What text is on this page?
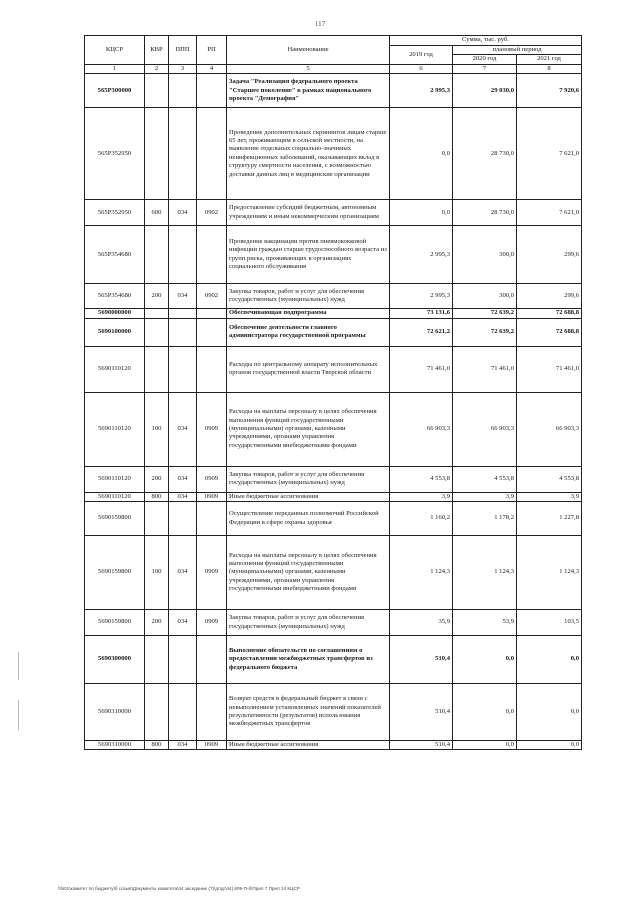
117
КЦСР	КВР	ППП	РП	Наименование	Сумма, тыс. руб.		
					2019 год	плановый период	
						2020 год	2021 год
1	2	3	4	5	6	7	8
565P300000				Задача "Реализация федерального проекта "Старшее поколение" в рамках национального проекта "Демография"	2 995,3	29 030,0	7 920,6
565P352950				Проведение дополнительных скринингов лицам старше 65 лет, проживающим в сельской местности, на выявление отдельных социально-значимых неинфекционных заболеваний, оказывающих вклад в структуру смертности населения, с возможностью доставки данных лиц в медицинские организации	0,0	28 730,0	7 621,0
565P352950	600	034	0902	Предоставление субсидий бюджетным, автономным учреждениям и иным некоммерческим организациям	0,0	28 730,0	7 621,0
565P354680				Проведение вакцинации против пневмококковой инфекции граждан старше трудоспособного возраста из групп риска, проживающих в организациях социального обслуживания	2 995,3	300,0	299,6
565P354680	200	034	0902	Закупка товаров, работ и услуг для обеспечения государственных (муниципальных) нужд	2 995,3	300,0	299,6
5690000000				Обеспечивающая подпрограмма	73 131,6	72 639,2	72 688,8
5690100000				Обеспечение деятельности главного администратора государственной программы	72 621,2	72 639,2	72 688,8
5690110120				Расходы по центральному аппарату исполнительных органов государственной власти Тверской области	71 461,0	71 461,0	71 461,0
5690110120	100	034	0909	Расходы на выплаты персоналу в целях обеспечения выполнения функций государственными (муниципальными) органами, казенными учреждениями, органами управления государственными внебюджетными фондами	66 903,3	66 903,3	66 903,3
5690110120	200	034	0909	Закупка товаров, работ и услуг для обеспечения государственных (муниципальных) нужд	4 553,8	4 553,8	4 553,8
5690110120	800	034	0909	Иные бюджетные ассигнования	3,9	3,9	3,9
5690159800				Осуществление переданных полномочий Российской Федерации в сфере охраны здоровья	1 160,2	1 178,2	1 227,8
5690159800	100	034	0909	Расходы на выплаты персоналу в целях обеспечения выполнения функций государственными (муниципальными) органами, казенными учреждениями, органами управления государственными внебюджетными фондами	1 124,3	1 124,3	1 124,3
5690159800	200	034	0909	Закупка товаров, работ и услуг для обеспечения государственных (муниципальных) нужд	35,9	53,9	103,5
5690300000				Выполнение обязательств по соглашениям о предоставлении межбюджетных трансфертов из федерального бюджета	510,4	0,0	0,0
5690310000				Возврат средств в федеральный бюджет в связи с невыполнением установленных значений показателей результативности (результатов) использования межбюджетных трансфертов	510,4	0,0	0,0
5690310000	800	034	0909	Иные бюджетные ассигнования	510,4	0,0	0,0
\\fs01\комитет по бюджету\б созыв\Документы комитета\44 заседание (7)\дг\дг\44) 809-П-б\Прил 7 Прил 14 КЦСР
